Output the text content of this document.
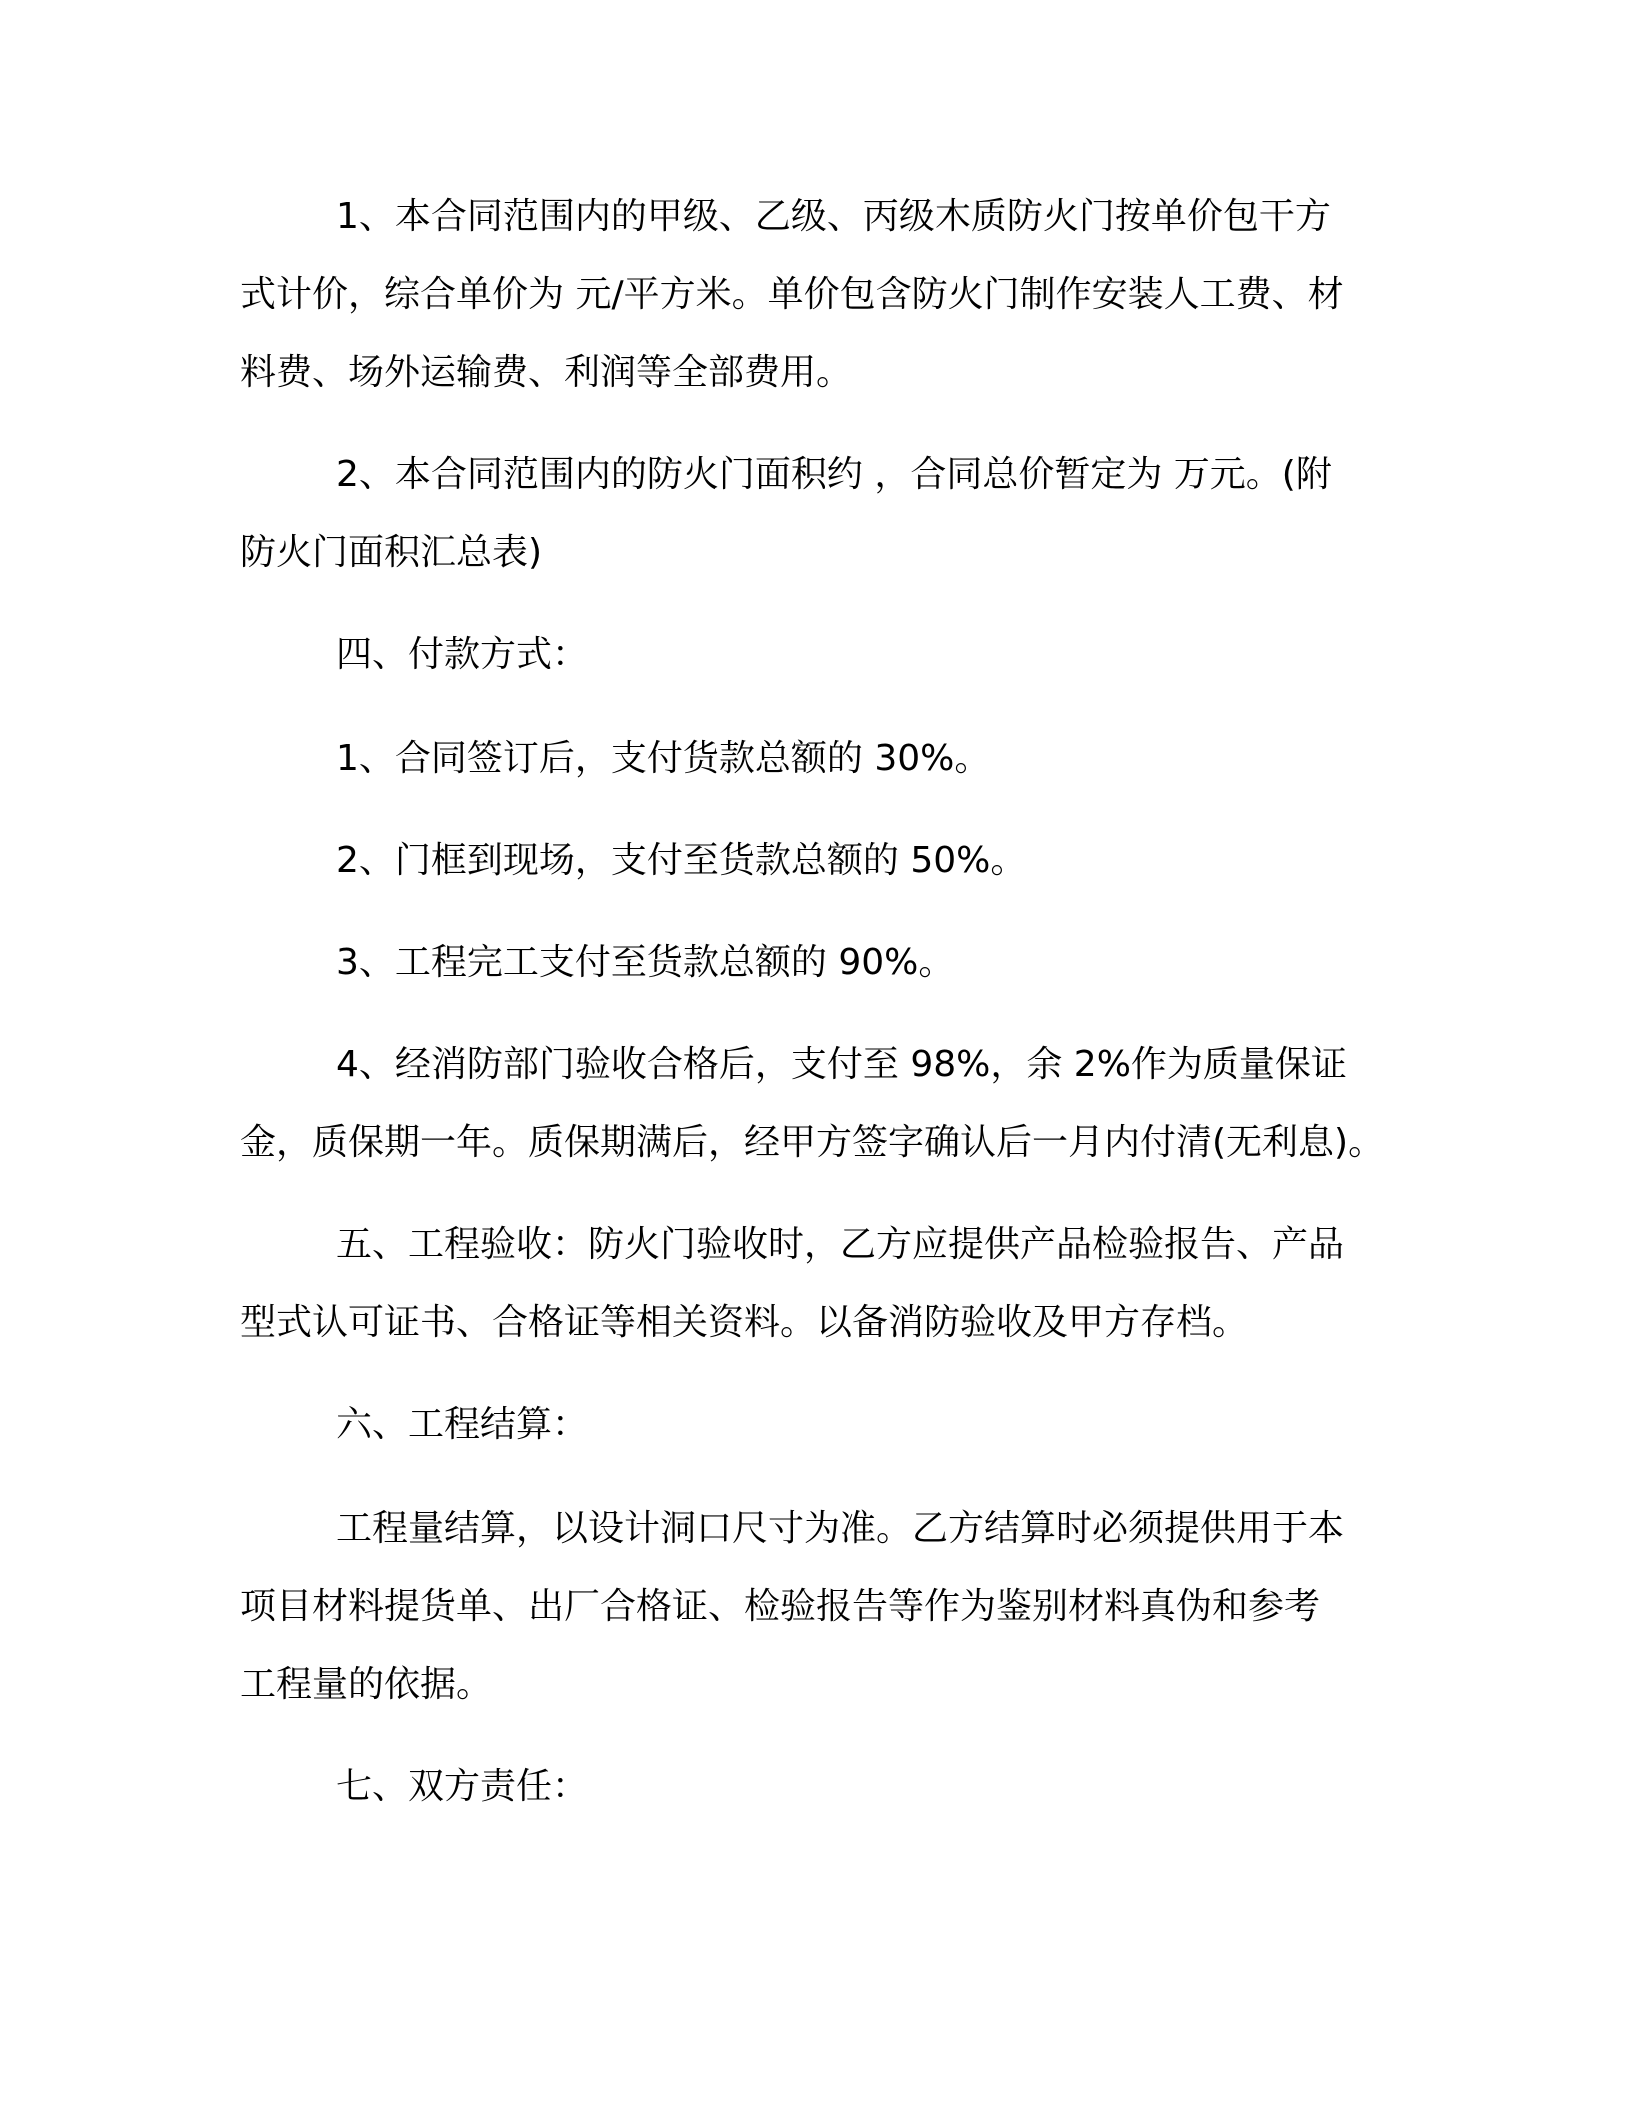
1、本合同范围内的甲级、乙级、丙级木质防火门按单价包干方
式计价，综合单价为 元/平方米。单价包含防火门制作安装人工费、材
料费、场外运输费、利润等全部费用。
2、本合同范围内的防火门面积约 ，合同总价暂定为 万元。(附
防火门面积汇总表)
四、付款方式：
1、合同签订后，支付货款总额的 30%。
2、门框到现场，支付至货款总额的 50%。
3、工程完工支付至货款总额的 90%。
4、经消防部门验收合格后，支付至 98%，余 2%作为质量保证
金，质保期一年。质保期满后，经甲方签字确认后一月内付清(无利息)。
五、工程验收：防火门验收时，乙方应提供产品检验报告、产品
型式认可证书、合格证等相关资料。以备消防验收及甲方存档。
六、工程结算：
工程量结算，以设计洞口尺寸为准。乙方结算时必须提供用于本
项目材料提货单、出厂合格证、检验报告等作为鉴别材料真伪和参考
工程量的依据。
七、双方责任：
